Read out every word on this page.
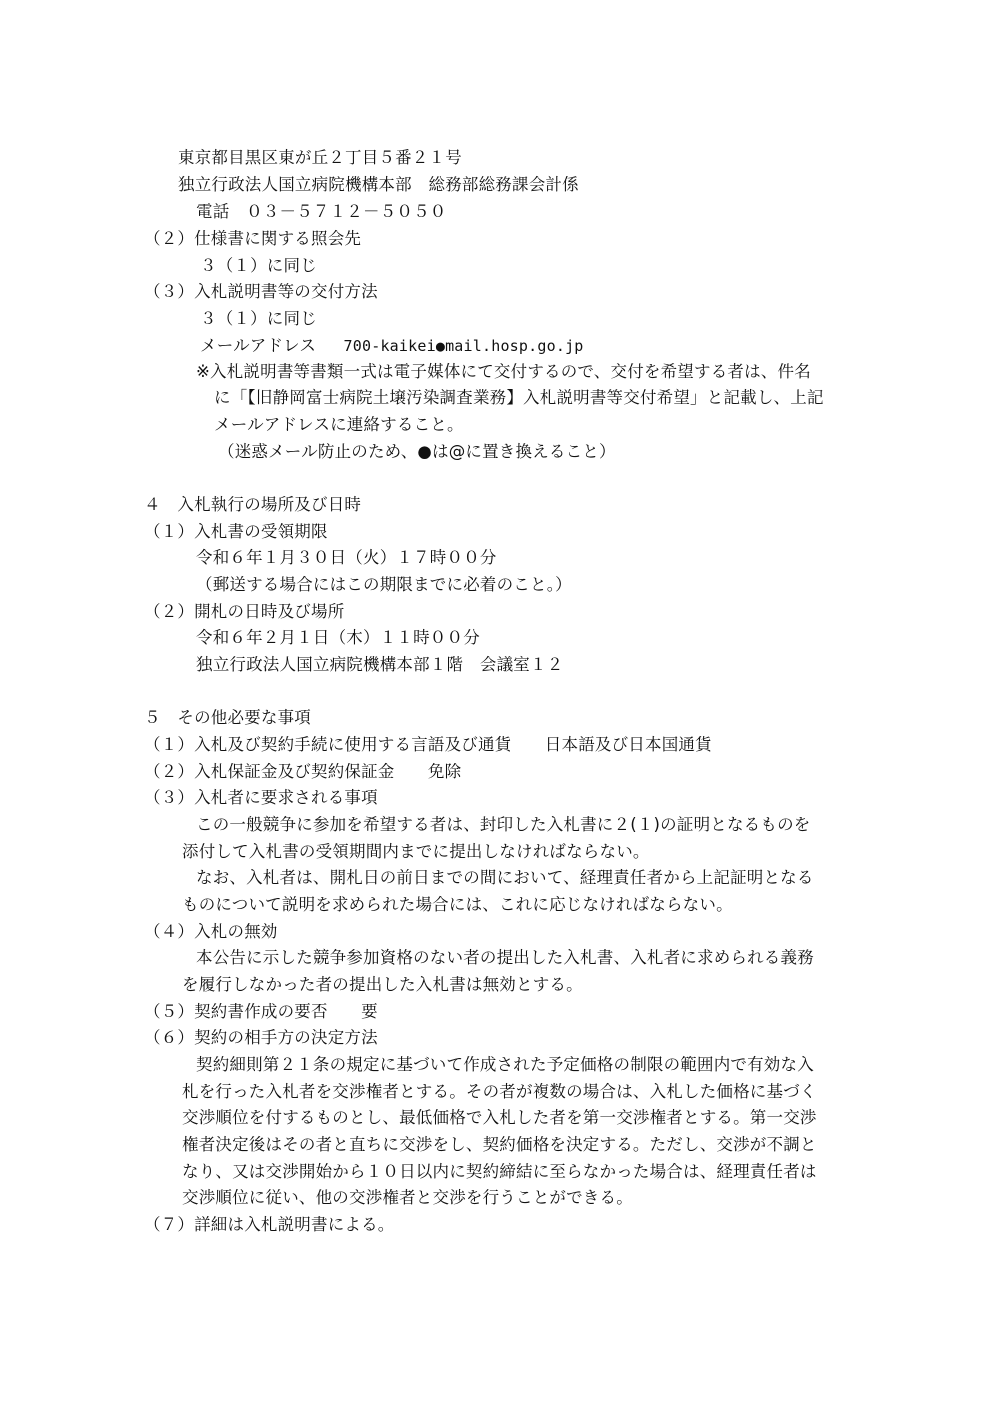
東京都目黒区東が丘２丁目５番２１号
独立行政法人国立病院機構本部　総務部総務課会計係
電話　０３－５７１２－５０５０
（２）仕様書に関する照会先
３（１）に同じ
（３）入札説明書等の交付方法
３（１）に同じ
メールアドレス 700-kaikei●mail.hosp.go.jp
※入札説明書等書類一式は電子媒体にて交付するので、交付を希望する者は、件名
に「【旧静岡富士病院土壌汚染調査業務】入札説明書等交付希望」と記載し、上記
メールアドレスに連絡すること。
（迷惑メール防止のため、●は@に置き換えること）
４　入札執行の場所及び日時
（１）入札書の受領期限
令和６年１月３０日（火）１７時００分
（郵送する場合にはこの期限までに必着のこと。）
（２）開札の日時及び場所
令和６年２月１日（木）１１時００分
独立行政法人国立病院機構本部１階　会議室１２
５　その他必要な事項
（１）入札及び契約手続に使用する言語及び通貨　　日本語及び日本国通貨
（２）入札保証金及び契約保証金　　免除
（３）入札者に要求される事項
この一般競争に参加を希望する者は、封印した入札書に２(１)の証明となるものを
添付して入札書の受領期間内までに提出しなければならない。
なお、入札者は、開札日の前日までの間において、経理責任者から上記証明となる
ものについて説明を求められた場合には、これに応じなければならない。
（４）入札の無効
本公告に示した競争参加資格のない者の提出した入札書、入札者に求められる義務
を履行しなかった者の提出した入札書は無効とする。
（５）契約書作成の要否　　要
（６）契約の相手方の決定方法
契約細則第２１条の規定に基づいて作成された予定価格の制限の範囲内で有効な入
札を行った入札者を交渉権者とする。その者が複数の場合は、入札した価格に基づく
交渉順位を付するものとし、最低価格で入札した者を第一交渉権者とする。第一交渉
権者決定後はその者と直ちに交渉をし、契約価格を決定する。ただし、交渉が不調と
なり、又は交渉開始から１０日以内に契約締結に至らなかった場合は、経理責任者は
交渉順位に従い、他の交渉権者と交渉を行うことができる。
（７）詳細は入札説明書による。
